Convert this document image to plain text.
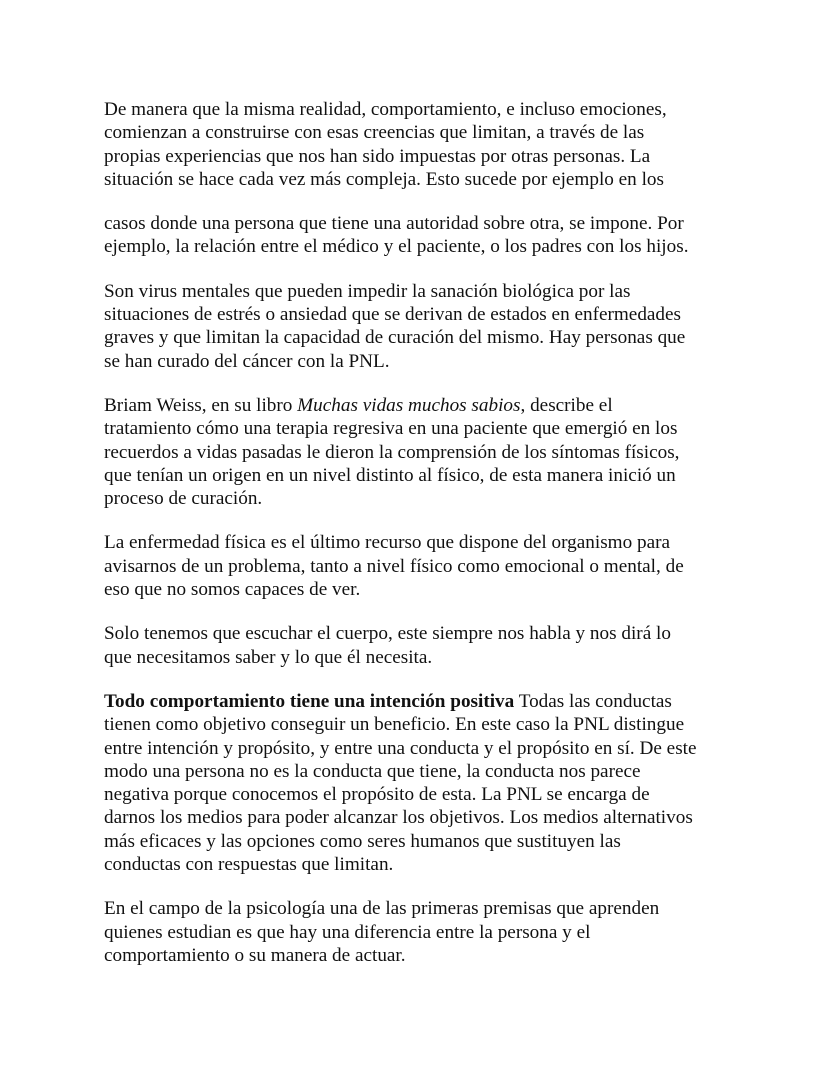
De manera que la misma realidad, comportamiento, e incluso emociones,
comienzan a construirse con esas creencias que limitan, a través de las
propias experiencias que nos han sido impuestas por otras personas. La
situación se hace cada vez más compleja. Esto sucede por ejemplo en los

casos donde una persona que tiene una autoridad sobre otra, se impone. Por
ejemplo, la relación entre el médico y el paciente, o los padres con los hijos.

Son virus mentales que pueden impedir la sanación biológica por las
situaciones de estrés o ansiedad que se derivan de estados en enfermedades
graves y que limitan la capacidad de curación del mismo. Hay personas que
se han curado del cáncer con la PNL.

Briam Weiss, en su libro Muchas vidas muchos sabios, describe el
tratamiento cómo una terapia regresiva en una paciente que emergió en los
recuerdos a vidas pasadas le dieron la comprensión de los síntomas físicos,
que tenían un origen en un nivel distinto al físico, de esta manera inició un
proceso de curación.

La enfermedad física es el último recurso que dispone del organismo para
avisarnos de un problema, tanto a nivel físico como emocional o mental, de
eso que no somos capaces de ver.

Solo tenemos que escuchar el cuerpo, este siempre nos habla y nos dirá lo
que necesitamos saber y lo que él necesita.

Todo comportamiento tiene una intención positiva Todas las conductas
tienen como objetivo conseguir un beneficio. En este caso la PNL distingue
entre intención y propósito, y entre una conducta y el propósito en sí. De este
modo una persona no es la conducta que tiene, la conducta nos parece
negativa porque conocemos el propósito de esta. La PNL se encarga de
darnos los medios para poder alcanzar los objetivos. Los medios alternativos
más eficaces y las opciones como seres humanos que sustituyen las
conductas con respuestas que limitan.

En el campo de la psicología una de las primeras premisas que aprenden
quienes estudian es que hay una diferencia entre la persona y el
comportamiento o su manera de actuar.
